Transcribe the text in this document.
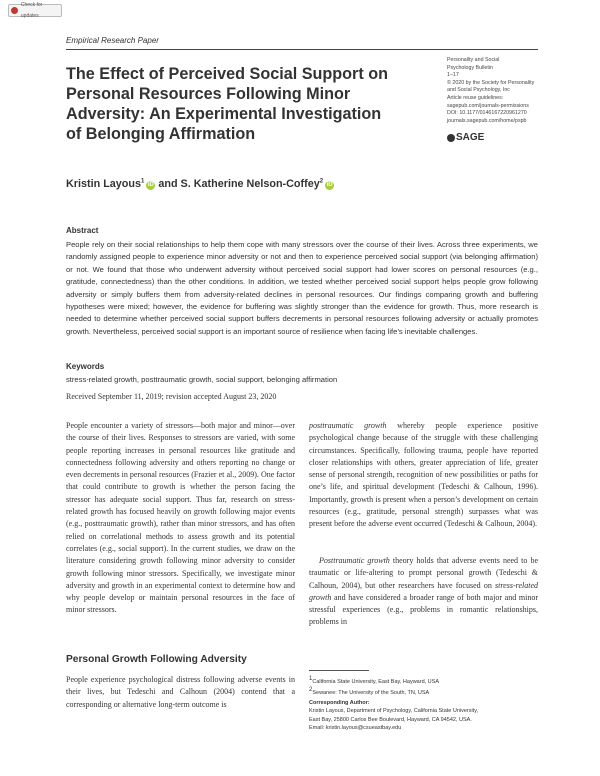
Check for updates
Empirical Research Paper
The Effect of Perceived Social Support on Personal Resources Following Minor Adversity: An Experimental Investigation of Belonging Affirmation
Personality and Social
Psychology Bulletin
1–17
© 2020 by the Society for Personality
and Social Psychology, Inc
Article reuse guidelines:
sagepub.com/journals-permissions
DOI: 10.1177/0146167220961270
journals.sagepub.com/home/pspb
SAGE
Kristin Layous$^1$iD and S. Katherine Nelson-Coffey$^2$iD
Abstract

People rely on their social relationships to help them cope with many stressors over the course of their lives. Across three experiments, we randomly assigned people to experience minor adversity or not and then to experience perceived social support (via belonging affirmation) or not. We found that those who underwent adversity without perceived social support had lower scores on personal resources (e.g., gratitude, connectedness) than the other conditions. In addition, we tested whether perceived social support helps people grow following adversity or simply buffers them from adversity-related declines in personal resources. Our findings comparing growth and buffering hypotheses were mixed; however, the evidence for buffering was slightly stronger than the evidence for growth. Thus, more research is needed to determine whether perceived social support buffers decrements in personal resources following adversity or actually promotes growth. Nevertheless, perceived social support is an important source of resilience when facing life’s inevitable challenges.

Keywords
stress-related growth, posttraumatic growth, social support, belonging affirmation
Received September 11, 2019; revision accepted August 23, 2020

People encounter a variety of stressors—both major and minor—over the course of their lives. Responses to stressors are varied, with some people reporting increases in personal resources like gratitude and connectedness following adversity and others reporting no change or even decrements in personal resources (Frazier et al., 2009). One factor that could contribute to growth is whether the person facing the stressor has adequate social support. Thus far, research on stress-related growth has focused heavily on growth following major events (e.g., posttraumatic growth), rather than minor stressors, and has often relied on correlational methods to assess growth and its potential correlates (e.g., social support). In the current studies, we draw on the literature considering growth following minor adversity to consider growth following minor stressors. Specifically, we investigate minor adversity and growth in an experimental context to determine how and why people develop or maintain personal resources in the face of minor stressors.

Personal Growth Following Adversity

People experience psychological distress following adverse events in their lives, but Tedeschi and Calhoun (2004) contend that a corresponding or alternative long-term outcome is

posttraumatic growth whereby people experience positive psychological change because of the struggle with these challenging circumstances. Specifically, following trauma, people have reported closer relationships with others, greater appreciation of life, greater sense of personal strength, recognition of new possibilities or paths for one’s life, and spiritual development (Tedeschi & Calhoun, 1996). Importantly, growth is present when a person’s development on certain resources (e.g., gratitude, personal strength) surpasses what was present before the adverse event occurred (Tedeschi & Calhoun, 2004).

Posttraumatic growth theory holds that adverse events need to be traumatic or life-altering to prompt personal growth (Tedeschi & Calhoun, 2004), but other researchers have focused on stress-related growth and have considered a broader range of both major and minor stressful experiences (e.g., problems in romantic relationships, problems in

$^1$California State University, East Bay, Hayward, USA
$^2$Sewanee: The University of the South, TN, USA
Corresponding Author:
Kristin Layous, Department of Psychology, California State University,
East Bay, 25800 Carlos Bee Boulevard, Hayward, CA 94542, USA.
Email: kristin.layous@csueastbay.edu
